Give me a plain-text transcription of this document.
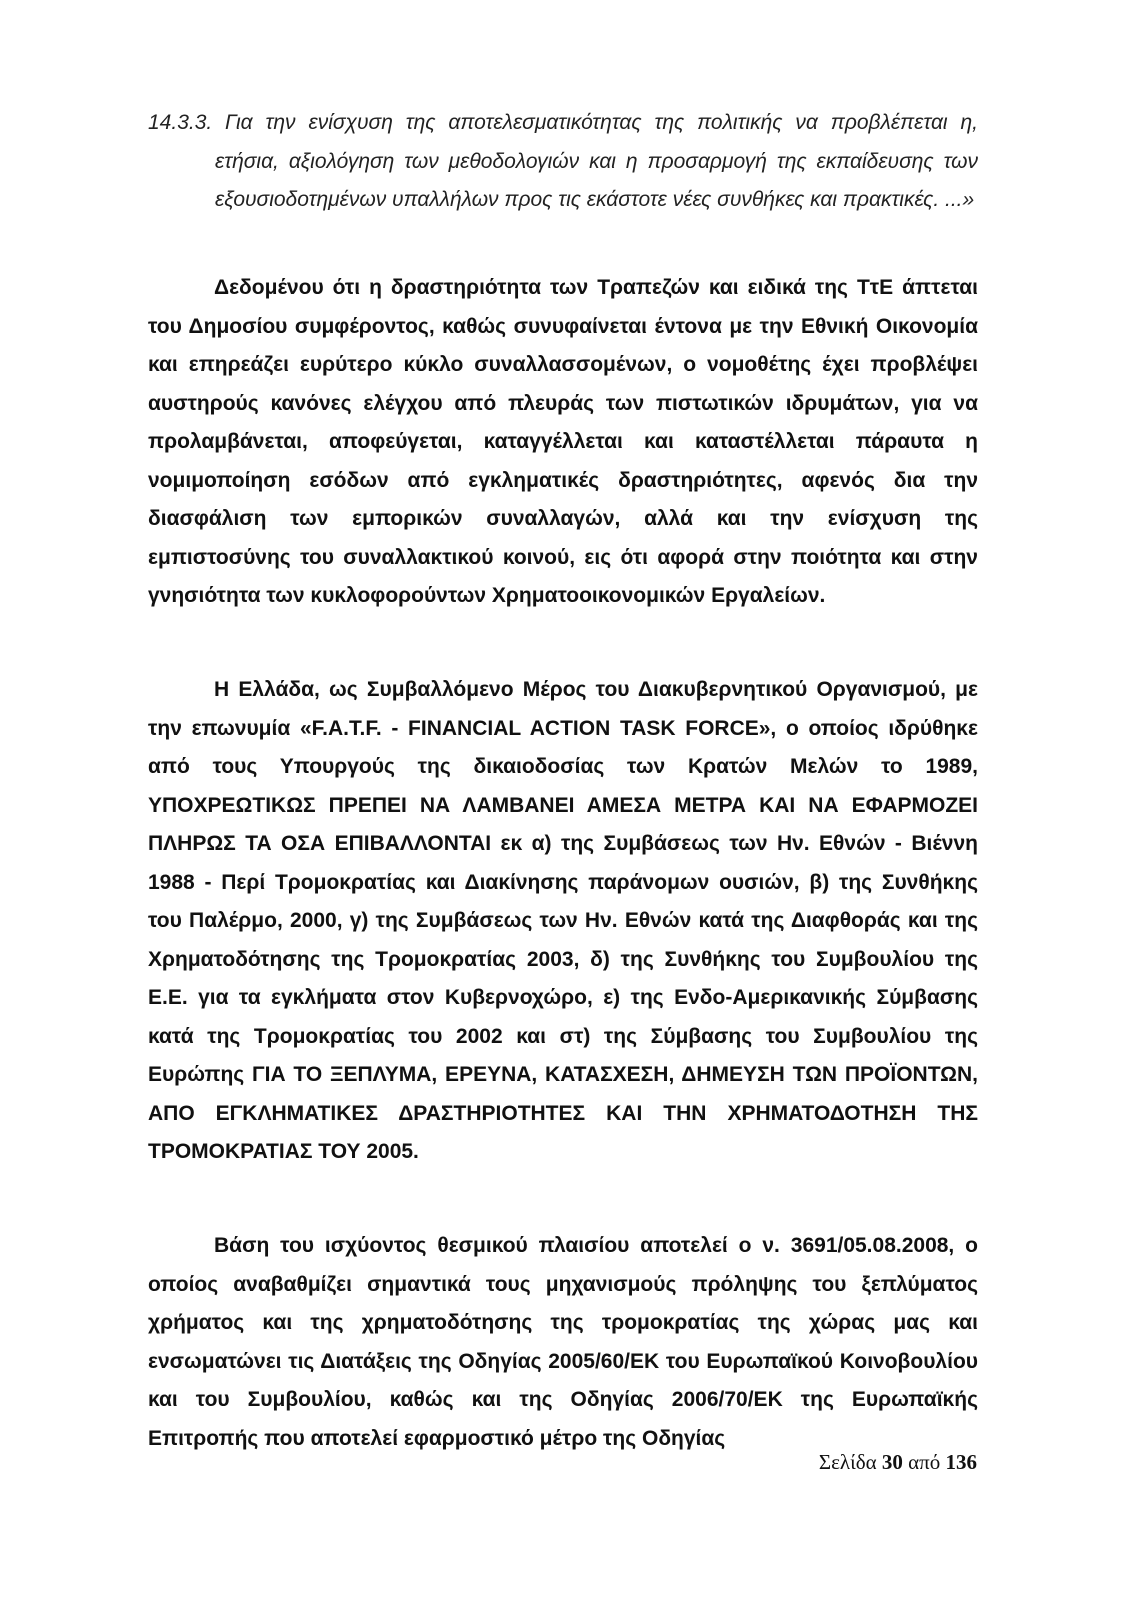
14.3.3. Για την ενίσχυση της αποτελεσματικότητας της πολιτικής να προβλέπεται η, ετήσια, αξιολόγηση των μεθοδολογιών και η προσαρμογή της εκπαίδευσης των εξουσιοδοτημένων υπαλλήλων προς τις εκάστοτε νέες συνθήκες και πρακτικές. ...»

Δεδομένου ότι η δραστηριότητα των Τραπεζών και ειδικά της ΤτΕ άπτεται του Δημοσίου συμφέροντος, καθώς συνυφαίνεται έντονα με την Εθνική Οικονομία και επηρεάζει ευρύτερο κύκλο συναλλασσομένων, ο νομοθέτης έχει προβλέψει αυστηρούς κανόνες ελέγχου από πλευράς των πιστωτικών ιδρυμάτων, για να προλαμβάνεται, αποφεύγεται, καταγγέλλεται και καταστέλλεται πάραυτα η νομιμοποίηση εσόδων από εγκληματικές δραστηριότητες, αφενός δια την διασφάλιση των εμπορικών συναλλαγών, αλλά και την ενίσχυση της εμπιστοσύνης του συναλλακτικού κοινού, εις ότι αφορά στην ποιότητα και στην γνησιότητα των κυκλοφορούντων Χρηματοοικονομικών Εργαλείων.

Η Ελλάδα, ως Συμβαλλόμενο Μέρος του Διακυβερνητικού Οργανισμού, με την επωνυμία «F.A.T.F. - FINANCIAL ACTION TASK FORCE», ο οποίος ιδρύθηκε από τους Υπουργούς της δικαιοδοσίας των Κρατών Μελών το 1989, ΥΠΟΧΡΕΩΤΙΚΩΣ ΠΡΕΠΕΙ ΝΑ ΛΑΜΒΑΝΕΙ ΑΜΕΣΑ ΜΕΤΡΑ ΚΑΙ ΝΑ ΕΦΑΡΜΟΖΕΙ ΠΛΗΡΩΣ ΤΑ ΟΣΑ ΕΠΙΒΑΛΛΟΝΤΑΙ εκ α) της Συμβάσεως των Ην. Εθνών - Βιέννη 1988 - Περί Τρομοκρατίας και Διακίνησης παράνομων ουσιών, β) της Συνθήκης του Παλέρμο, 2000, γ) της Συμβάσεως των Ην. Εθνών κατά της Διαφθοράς και της Χρηματοδότησης της Τρομοκρατίας 2003, δ) της Συνθήκης του Συμβουλίου της Ε.Ε. για τα εγκλήματα στον Κυβερνοχώρο, ε) της Ενδο-Αμερικανικής Σύμβασης κατά της Τρομοκρατίας του 2002 και στ) της Σύμβασης του Συμβουλίου της Ευρώπης ΓΙΑ ΤΟ ΞΕΠΛΥΜΑ, ΕΡΕΥΝΑ, ΚΑΤΑΣΧΕΣΗ, ΔΗΜΕΥΣΗ ΤΩΝ ΠΡΟΪΟΝΤΩΝ, ΑΠΟ ΕΓΚΛΗΜΑΤΙΚΕΣ ΔΡΑΣΤΗΡΙΟΤΗΤΕΣ ΚΑΙ ΤΗΝ ΧΡΗΜΑΤΟΔΟΤΗΣΗ ΤΗΣ ΤΡΟΜΟΚΡΑΤΙΑΣ ΤΟΥ 2005.

Βάση του ισχύοντος θεσμικού πλαισίου αποτελεί ο ν. 3691/05.08.2008, ο οποίος αναβαθμίζει σημαντικά τους μηχανισμούς πρόληψης του ξεπλύματος χρήματος και της χρηματοδότησης της τρομοκρατίας της χώρας μας και ενσωματώνει τις Διατάξεις της Οδηγίας 2005/60/ΕΚ του Ευρωπαϊκού Κοινοβουλίου και του Συμβουλίου, καθώς και της Οδηγίας 2006/70/ΕΚ της Ευρωπαϊκής Επιτροπής που αποτελεί εφαρμοστικό μέτρο της Οδηγίας

Σελίδα 30 από 136
